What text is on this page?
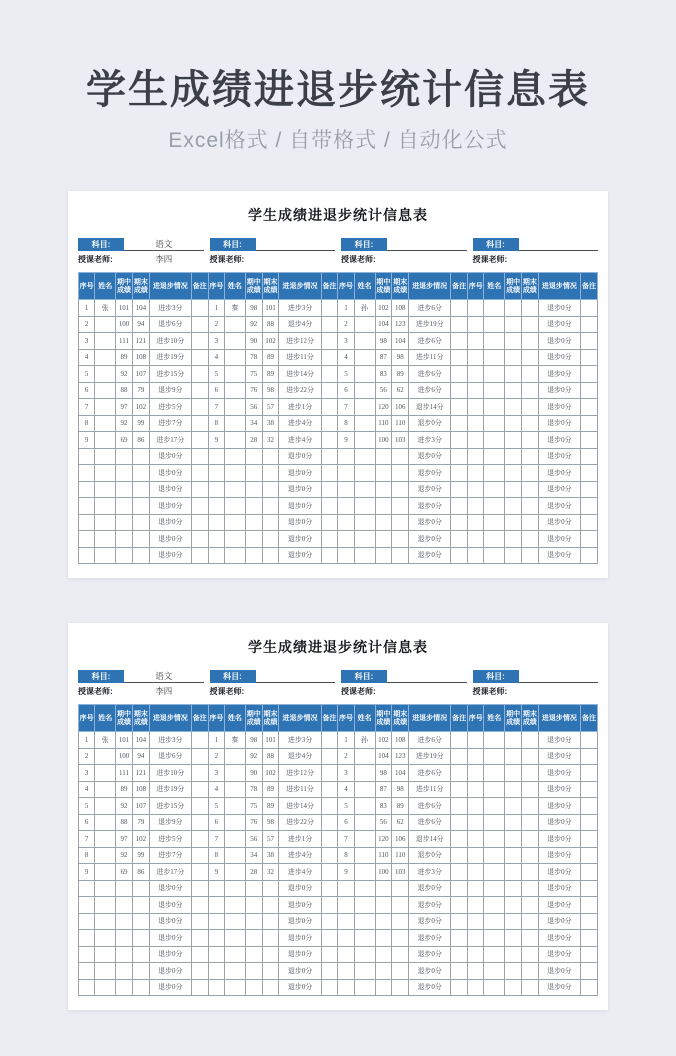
学生成绩进退步统计信息表
Excel格式 / 自带格式 / 自动化公式
学生成绩进退步统计信息表
科目:	语文
授课老师:	李四
科目:
授课老师:
科目:
授课老师:
科目:
授课老师:
序号	姓名	期中成绩	期末成绩	进退步情况	备注	序号	姓名	期中成绩	期末成绩	进退步情况	备注	序号	姓名	期中成绩	期末成绩	进退步情况	备注	序号	姓名	期中成绩	期末成绩	进退步情况	备注
1	张	101	104	进步3分		1	秦	98	101	进步3分		1	孙	102	108	进步6分						退步0分	
2		100	94	退步6分		2		92	88	退步4分		2		104	123	进步19分						退步0分	
3		111	121	进步10分		3		90	102	进步12分		3		98	104	进步6分						退步0分	
4		89	108	进步19分		4		78	89	进步11分		4		87	98	进步11分						退步0分	
5		92	107	进步15分		5		75	89	进步14分		5		83	89	进步6分						退步0分	
6		88	79	退步9分		6		76	98	进步22分		6		56	62	进步6分						退步0分	
7		97	102	进步5分		7		56	57	进步1分		7		120	106	退步14分						退步0分	
8		92	99	进步7分		8		34	38	进步4分		8		110	110	退步0分						退步0分	
9		69	86	进步17分		9		28	32	进步4分		9		100	103	进步3分						退步0分	
				退步0分						退步0分						退步0分						退步0分	
				退步0分						退步0分						退步0分						退步0分	
				退步0分						退步0分						退步0分						退步0分	
				退步0分						退步0分						退步0分						退步0分	
				退步0分						退步0分						退步0分						退步0分	
				退步0分						退步0分						退步0分						退步0分	
				退步0分						退步0分						退步0分						退步0分	
学生成绩进退步统计信息表
科目:	语文
授课老师:	李四
科目:
授课老师:
科目:
授课老师:
科目:
授课老师:
序号	姓名	期中成绩	期末成绩	进退步情况	备注	序号	姓名	期中成绩	期末成绩	进退步情况	备注	序号	姓名	期中成绩	期末成绩	进退步情况	备注	序号	姓名	期中成绩	期末成绩	进退步情况	备注
1	张	101	104	进步3分		1	秦	98	101	进步3分		1	孙	102	108	进步6分						退步0分	
2		100	94	退步6分		2		92	88	退步4分		2		104	123	进步19分						退步0分	
3		111	121	进步10分		3		90	102	进步12分		3		98	104	进步6分						退步0分	
4		89	108	进步19分		4		78	89	进步11分		4		87	98	进步11分						退步0分	
5		92	107	进步15分		5		75	89	进步14分		5		83	89	进步6分						退步0分	
6		88	79	退步9分		6		76	98	进步22分		6		56	62	进步6分						退步0分	
7		97	102	进步5分		7		56	57	进步1分		7		120	106	退步14分						退步0分	
8		92	99	进步7分		8		34	38	进步4分		8		110	110	退步0分						退步0分	
9		69	86	进步17分		9		28	32	进步4分		9		100	103	进步3分						退步0分	
				退步0分						退步0分						退步0分						退步0分	
				退步0分						退步0分						退步0分						退步0分	
				退步0分						退步0分						退步0分						退步0分	
				退步0分						退步0分						退步0分						退步0分	
				退步0分						退步0分						退步0分						退步0分	
				退步0分						退步0分						退步0分						退步0分	
				退步0分						退步0分						退步0分						退步0分	
